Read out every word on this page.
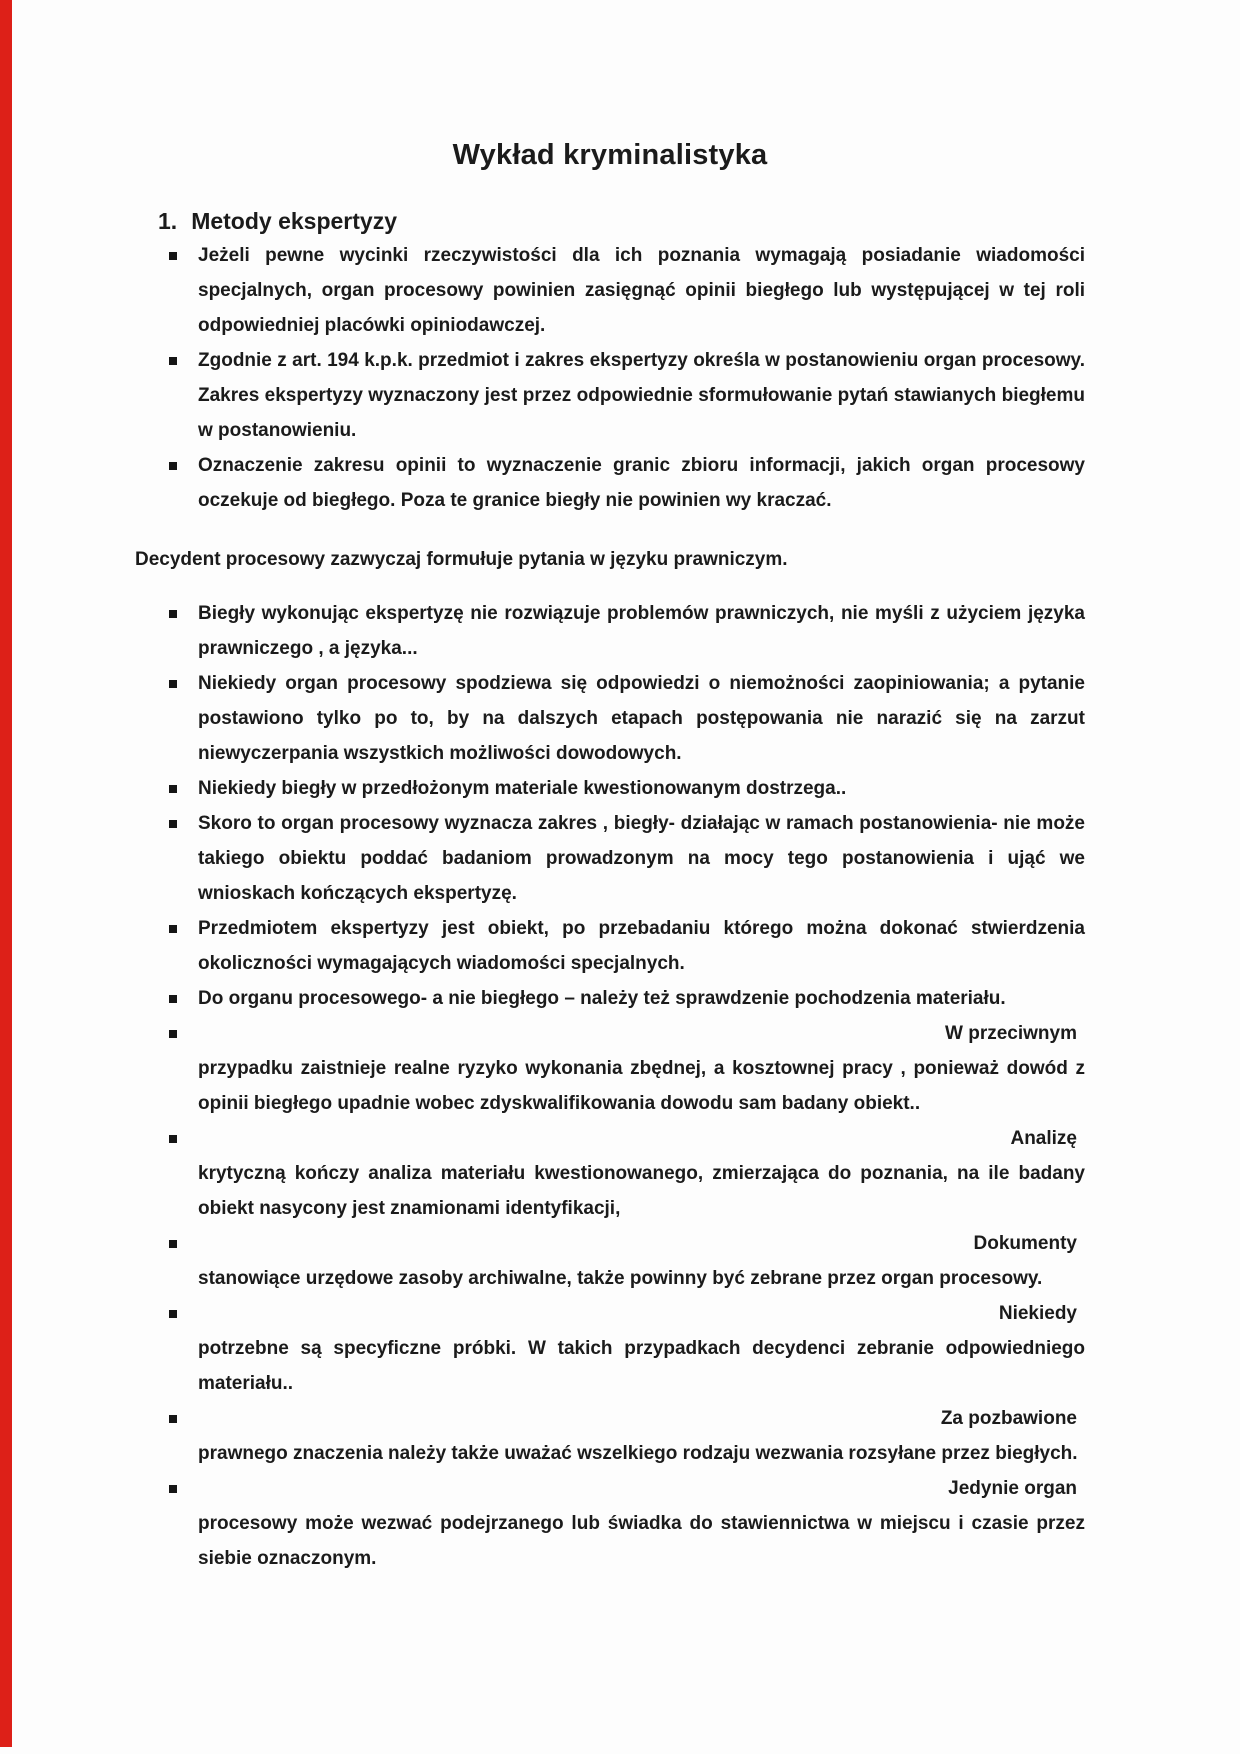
Wykład kryminalistyka
1. Metody ekspertyzy
Jeżeli pewne wycinki rzeczywistości dla ich poznania wymagają posiadanie wiadomości specjalnych, organ procesowy powinien zasięgnąć opinii biegłego lub występującej w tej roli odpowiedniej placówki opiniodawczej.
Zgodnie z art. 194 k.p.k. przedmiot i zakres ekspertyzy określa w postanowieniu organ procesowy. Zakres ekspertyzy wyznaczony jest przez odpowiednie sformułowanie pytań stawianych biegłemu w postanowieniu.
Oznaczenie zakresu opinii to wyznaczenie granic zbioru informacji, jakich organ procesowy oczekuje od biegłego. Poza te granice biegły nie powinien wy kraczać.

Decydent procesowy zazwyczaj formułuje pytania w języku prawniczym.

Biegły wykonując ekspertyzę nie rozwiązuje problemów prawniczych, nie myśli z użyciem języka prawniczego , a języka...
Niekiedy organ procesowy spodziewa się odpowiedzi o niemożności zaopiniowania; a pytanie postawiono tylko po to, by na dalszych etapach postępowania nie narazić się na zarzut niewyczerpania wszystkich możliwości dowodowych.
Niekiedy biegły w przedłożonym materiale kwestionowanym dostrzega..
Skoro to organ procesowy wyznacza zakres , biegły- działając w ramach postanowienia- nie może takiego obiektu poddać badaniom prowadzonym na mocy tego postanowienia i ująć we wnioskach kończących ekspertyzę.
Przedmiotem ekspertyzy jest obiekt, po przebadaniu którego można dokonać stwierdzenia okoliczności wymagających wiadomości specjalnych.
Do organu procesowego- a nie biegłego – należy też sprawdzenie pochodzenia materiału.
W przeciwnym
przypadku zaistnieje realne ryzyko wykonania zbędnej, a kosztownej pracy , ponieważ dowód z opinii biegłego upadnie wobec zdyskwalifikowania dowodu sam badany obiekt..
Analizę
krytyczną kończy analiza materiału kwestionowanego, zmierzająca do poznania, na ile badany obiekt nasycony jest znamionami identyfikacji,
Dokumenty
stanowiące urzędowe zasoby archiwalne, także powinny być zebrane przez organ procesowy.
Niekiedy
potrzebne są specyficzne próbki. W takich przypadkach decydenci zebranie odpowiedniego materiału..
Za pozbawione
prawnego znaczenia należy także uważać wszelkiego rodzaju wezwania rozsyłane przez biegłych.
Jedynie organ
procesowy może wezwać podejrzanego lub świadka do stawiennictwa w miejscu i czasie przez siebie oznaczonym.
